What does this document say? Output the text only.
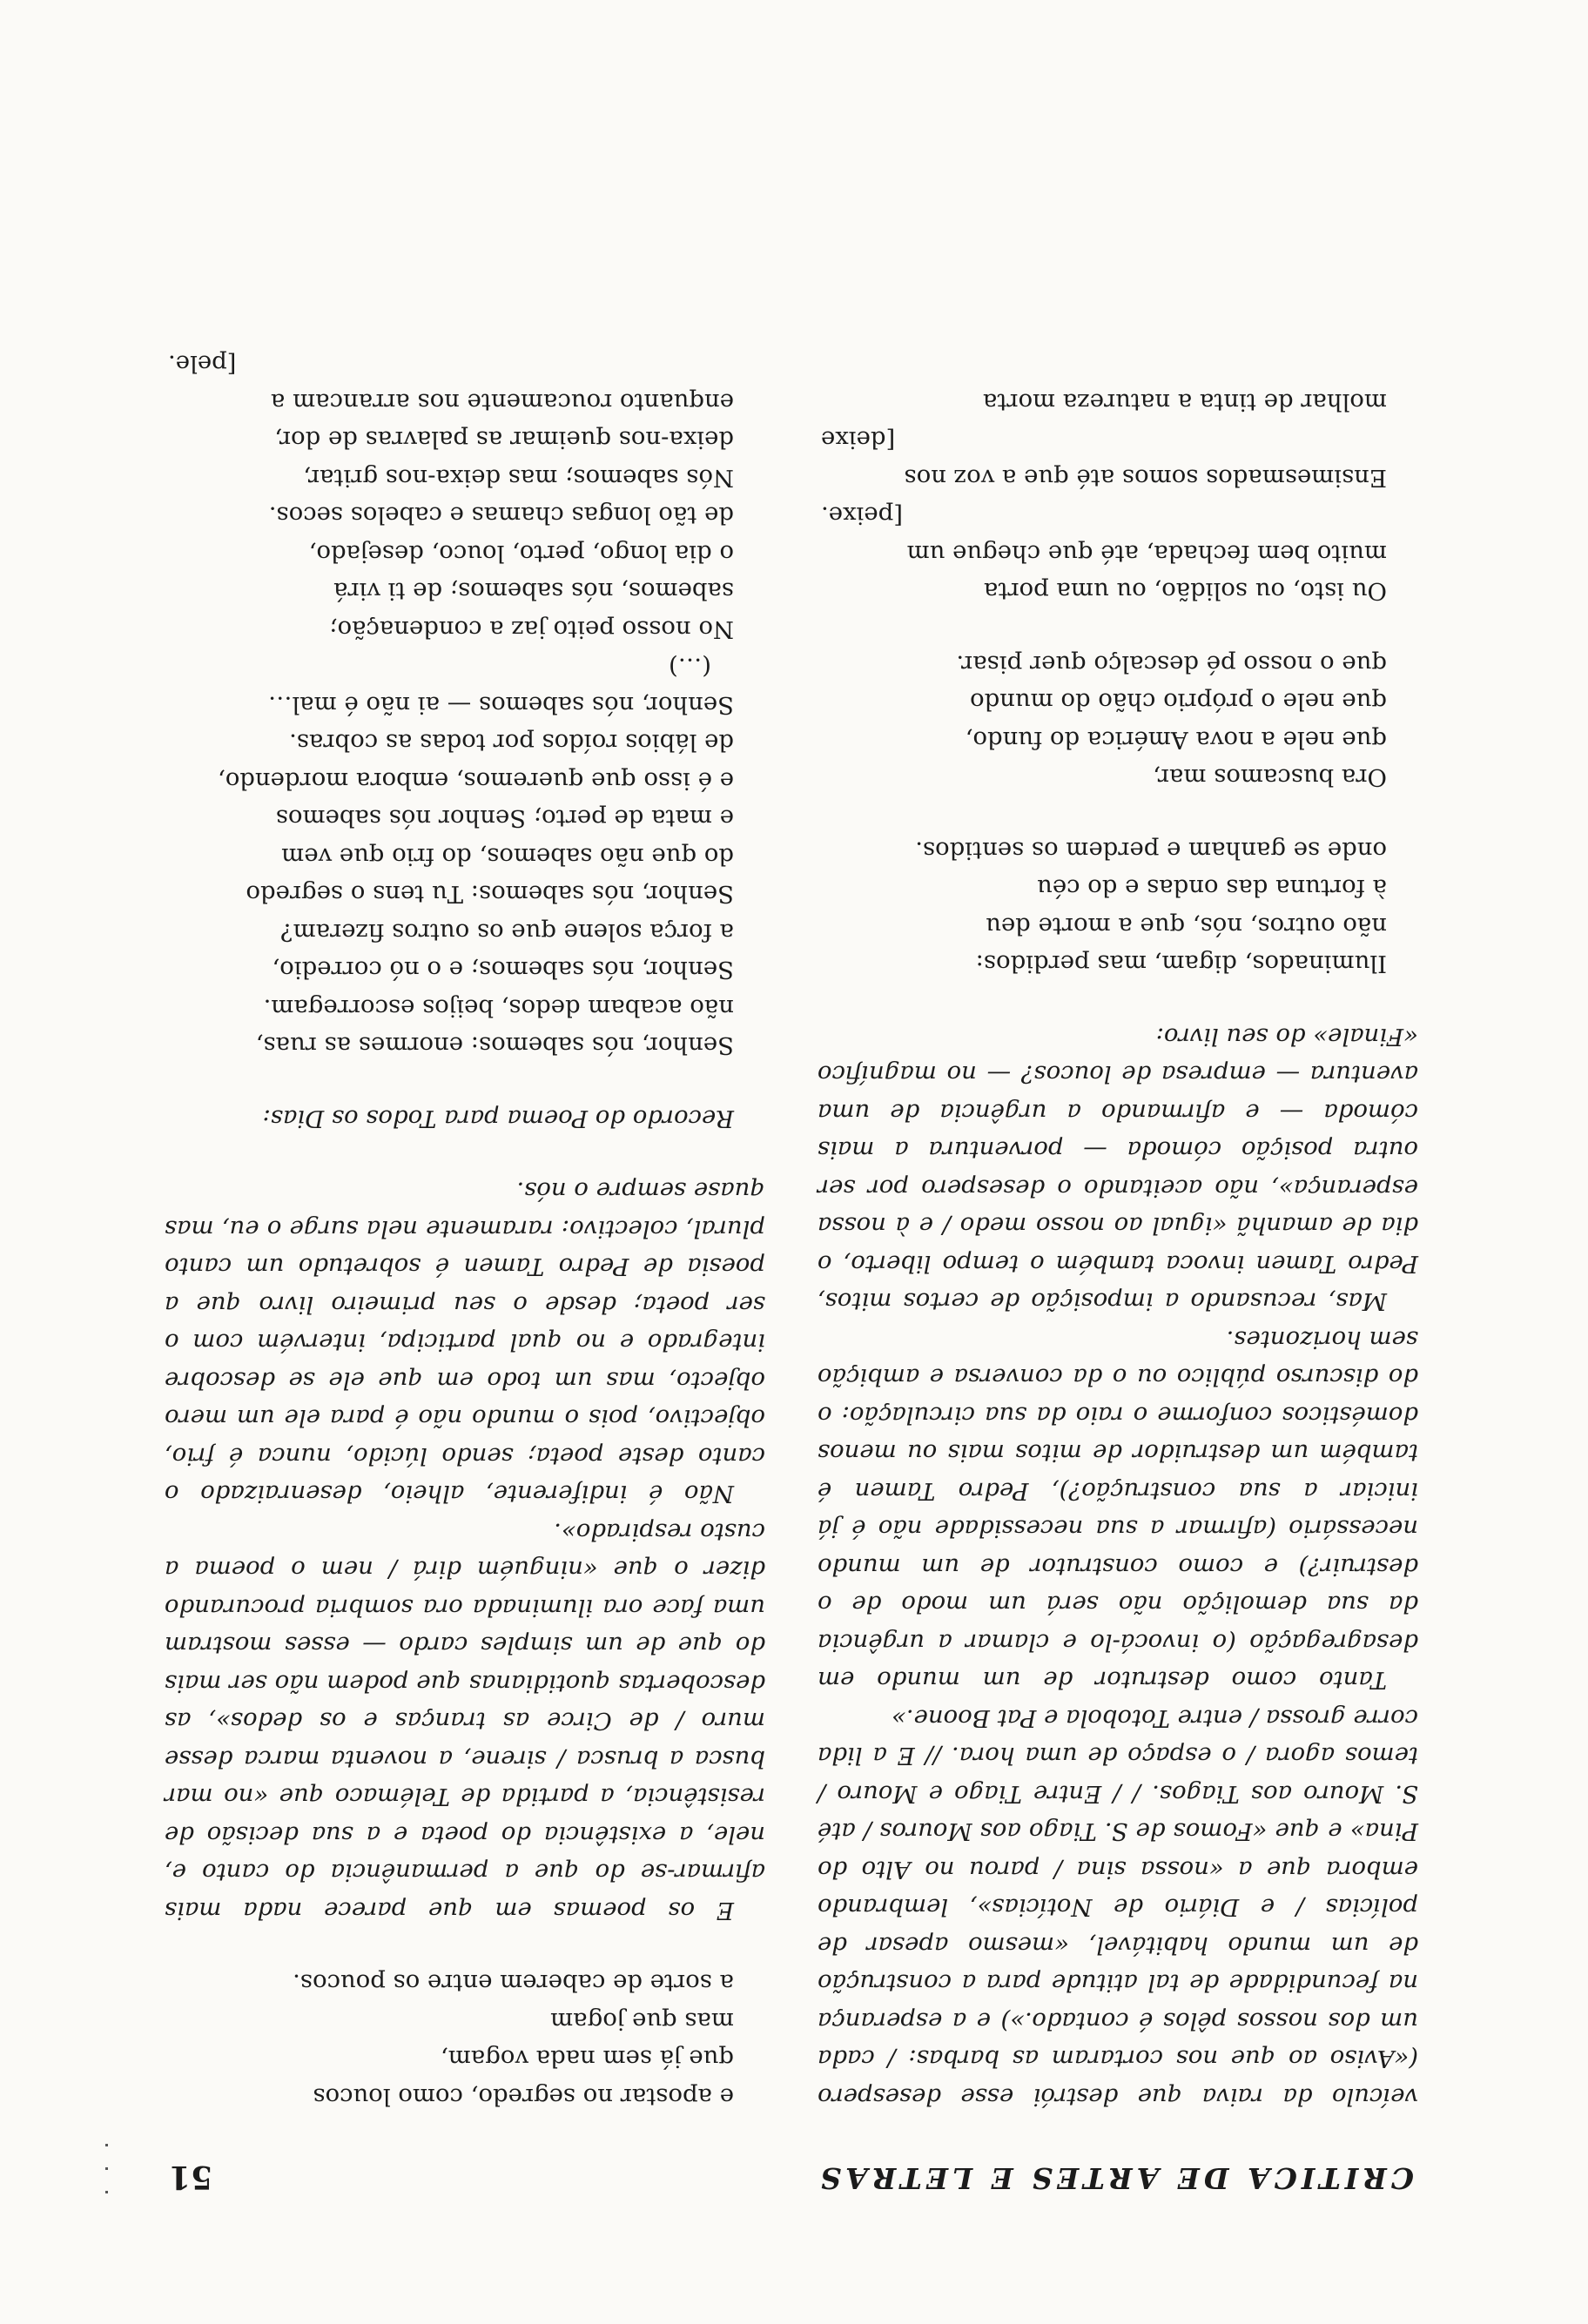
CRITICA DE ARTES E LETRAS
51

veículo da raiva que destrói esse desespero («Aviso ao que nos cortaram as barbas: / cada um dos nossos pêlos é contado.») e a esperança na fecundidade de tal atitude para a construção de um mundo habitável, «mesmo apesar de polícias / e Diário de Notícias», lembrando embora que a «nossa sina / parou no Alto do Pina» e que «Fomos de S. Tiago aos Mouros / até S. Mouro aos Tiagos. / / Entre Tiago e Mouro / temos agora / o espaço de uma hora. // E a lida corre grossa / entre Totobola e Pat Boone.»

Tanto como destrutor de um mundo em desagregação (o invocá-lo e clamar a urgência da sua demolição não será um modo de o destruir?) e como construtor de um mundo necessário (afirmar a sua necessidade não é já iniciar a sua construção?), Pedro Tamen é também um destruidor de mitos mais ou menos domésticos conforme o raio da sua circulação: o do discurso público ou o da conversa e ambição sem horizontes.

Mas, recusando a imposição de certos mitos, Pedro Tamen invoca também o tempo liberto, o dia de amanhã «igual ao nosso medo / e à nossa esperança», não aceitando o desespero por ser outra posição cómoda — porventura a mais cómoda — e afirmando a urgência de uma aventura — empresa de loucos? — no magnífico «Finale» do seu livro:

Iluminados, digam, mas perdidos:
não outros, nós, que a morte deu
à fortuna das ondas e do céu
onde se ganham e perdem os sentidos.
Ora buscamos mar,
que nele a nova América do fundo,
que nele o próprio chão do mundo
que o nosso pé descalço quer pisar.
Ou isto, ou solidão, ou uma porta
muito bem fechada, até que chegue um
[peixe.
Ensimesmados somos até que a voz nos
[deixe
molhar de tinta a natureza morta
e apostar no segredo, como loucos
que já sem nada vogam,
mas que jogam
a sorte de caberem entre os poucos.

E os poemas em que parece nada mais afirmar-se do que a permanência do canto e, nele, a existência do poeta e a sua decisão de resistência, a partida de Telémaco que «no mar busca a brusca / sirene, a noventa marca desse muro / de Circe as tranças e os dedos», as descobertas quotidianas que podem não ser mais do que de um simples cardo — esses mostram uma face ora iluminada ora sombria procurando dizer o que «ninguém dirá / nem o poema a custo respirado».

Não é indiferente, alheio, desenraizado o canto deste poeta; sendo lúcido, nunca é frio, objectivo, pois o mundo não é para ele um mero objecto, mas um todo em que ele se descobre integrado e no qual participa, intervém com o ser poeta; desde o seu primeiro livro que a poesia de Pedro Tamen é sobretudo um canto plural, colectivo: raramente nela surge o eu, mas quase sempre o nós.

Recordo do Poema para Todos os Dias:

Senhor, nós sabemos: enormes as ruas,
não acabam dedos, beijos escorregam.
Senhor, nós sabemos; e o nó corredio,
a força solene que os outros fizeram?
Senhor, nós sabemos: Tu tens o segredo
do que não sabemos, do frio que vem
e mata de perto; Senhor nós sabemos
e é isso que queremos, embora mordendo,
de lábios roídos por todas as cobras.
Senhor, nós sabemos — ai não é mal…
(…)
No nosso peito jaz a condenação;
sabemos, nós sabemos; de ti virá
o dia longo, perto, louco, desejado,
de tão longas chamas e cabelos secos.
Nós sabemos; mas deixa-nos gritar,
deixa-nos queimar as palavras de dor,
enquanto roucamente nos arrancam a
[pele.
